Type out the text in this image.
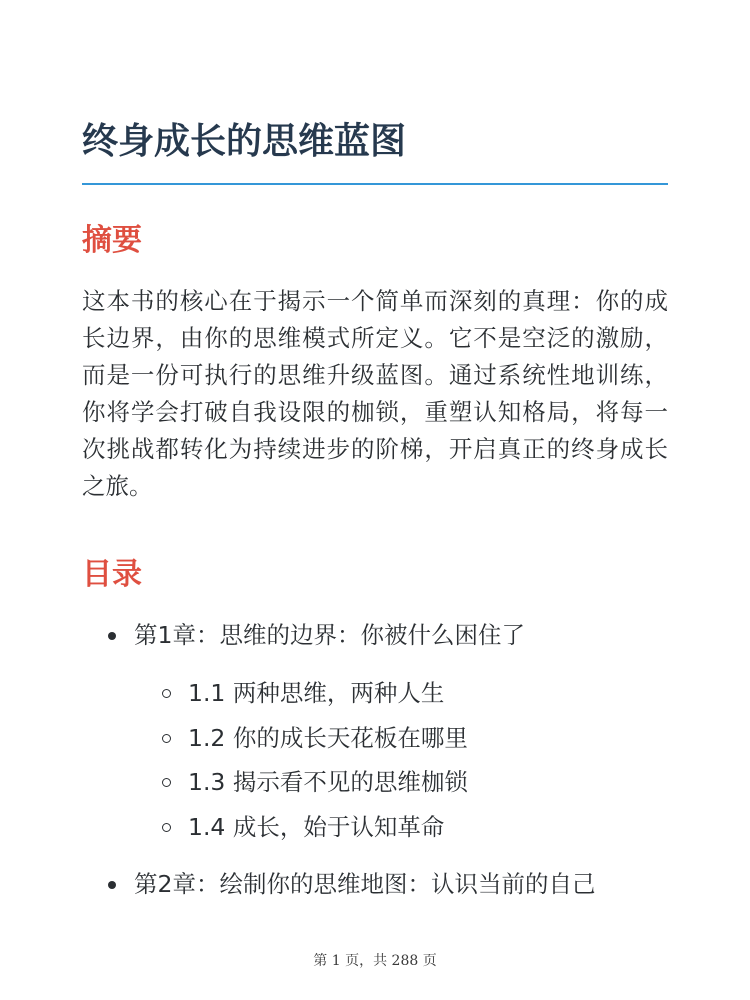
终身成长的思维蓝图
摘要

这本书的核心在于揭示一个简单而深刻的真理：你的成长边界，由你的思维模式所定义。它不是空泛的激励，而是一份可执行的思维升级蓝图。通过系统性地训练，你将学会打破自我设限的枷锁，重塑认知格局，将每一次挑战都转化为持续进步的阶梯，开启真正的终身成长之旅。

目录
第1章：思维的边界：你被什么困住了
1.1 两种思维，两种人生
1.2 你的成长天花板在哪里
1.3 揭示看不见的思维枷锁
1.4 成长，始于认知革命
第2章：绘制你的思维地图：认识当前的自己

第 1 页，共 288 页
